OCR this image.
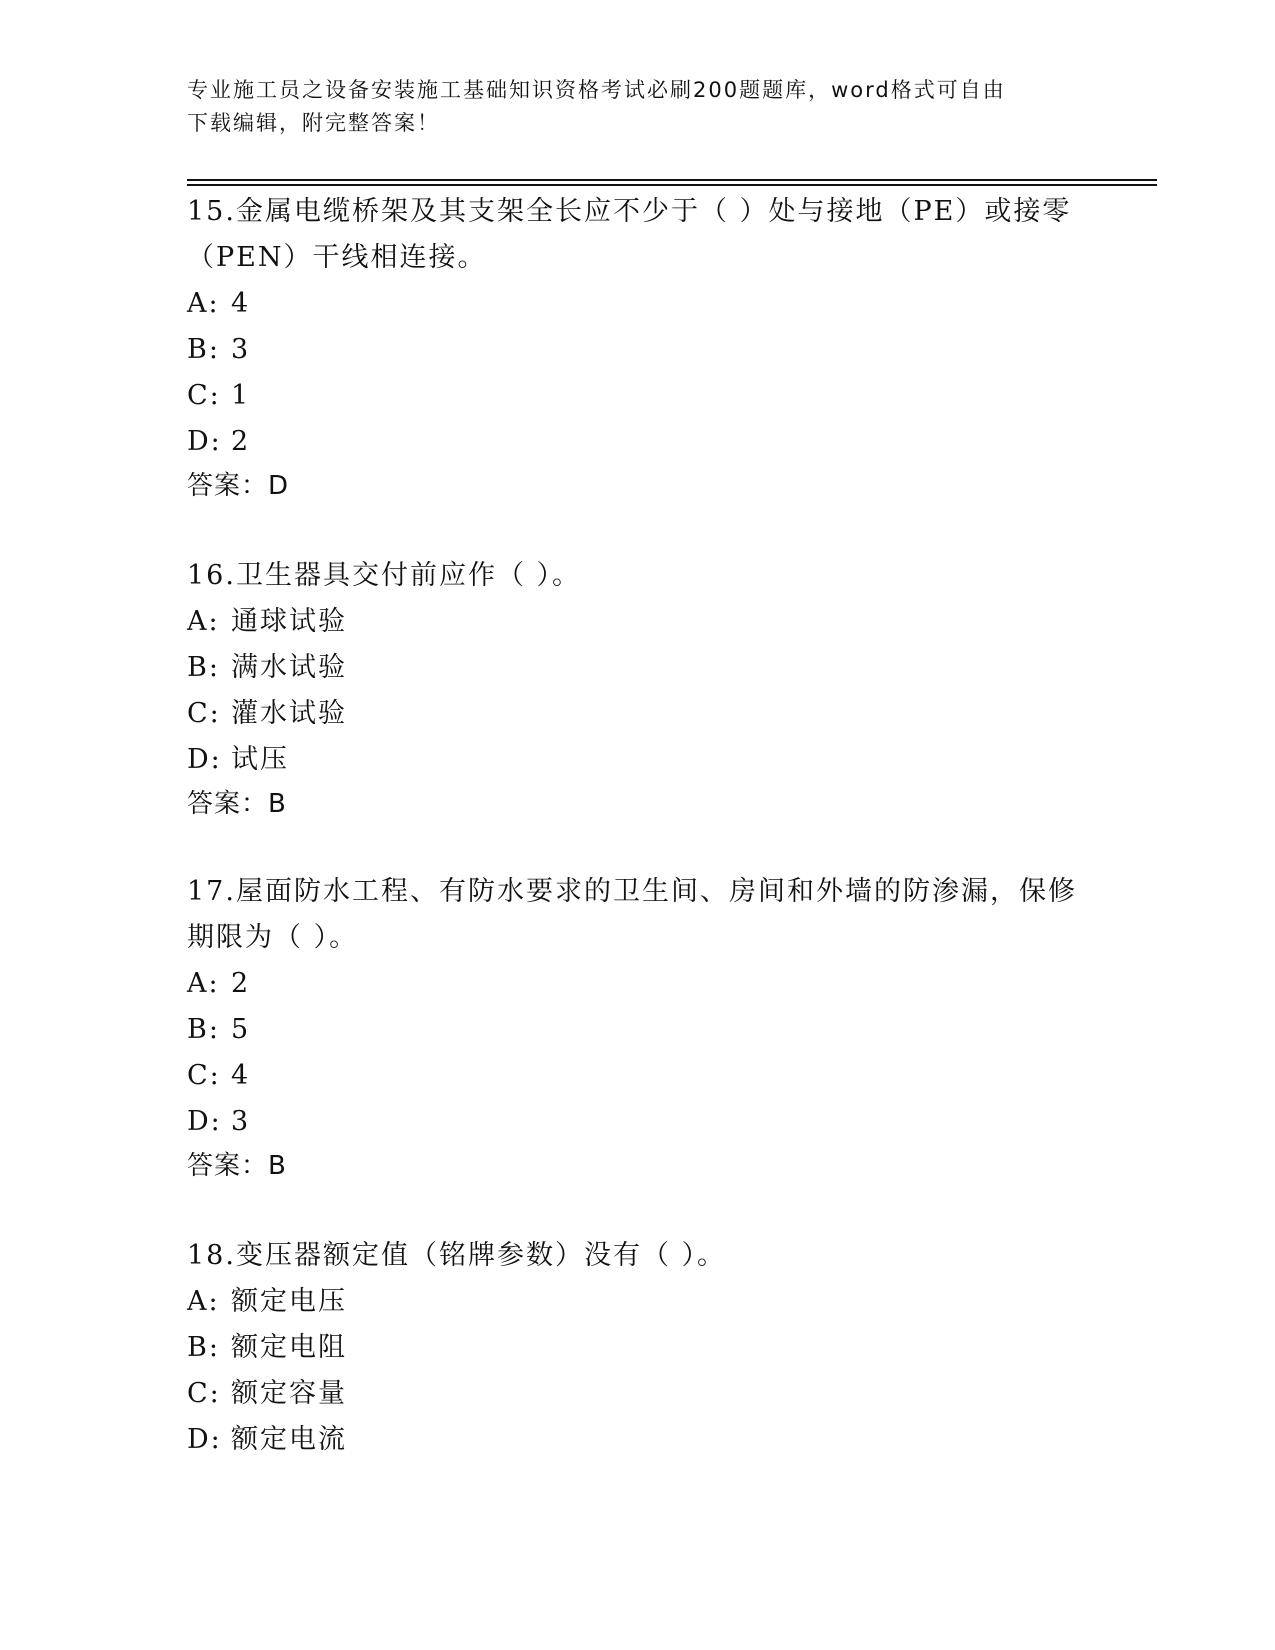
专业施工员之设备安装施工基础知识资格考试必刷200题题库，word格式可自由
下载编辑，附完整答案！
15.金属电缆桥架及其支架全长应不少于（ ）处与接地（PE）或接零
（PEN）干线相连接。
A: 4
B: 3
C: 1
D: 2
答案：D
16.卫生器具交付前应作（ ）。
A: 通球试验
B: 满水试验
C: 灌水试验
D: 试压
答案：B
17.屋面防水工程、有防水要求的卫生间、房间和外墙的防渗漏，保修
期限为（ ）。
A: 2
B: 5
C: 4
D: 3
答案：B
18.变压器额定值（铭牌参数）没有（ ）。
A: 额定电压
B: 额定电阻
C: 额定容量
D: 额定电流
